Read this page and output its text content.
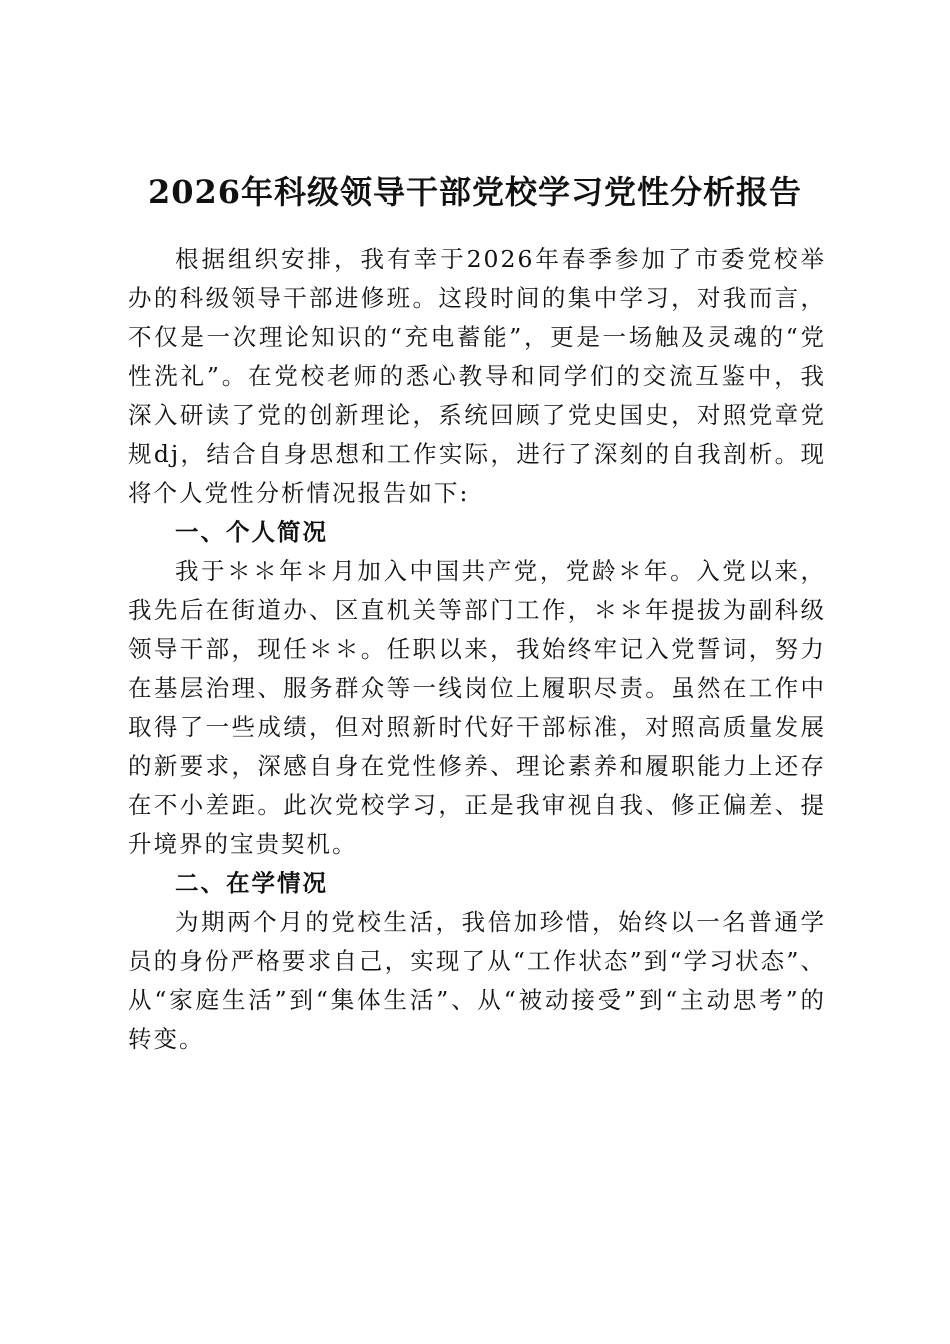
2026年科级领导干部党校学习党性分析报告

根据组织安排，我有幸于2026年春季参加了市委党校举办的科级领导干部进修班。这段时间的集中学习，对我而言，不仅是一次理论知识的“充电蓄能”，更是一场触及灵魂的“党性洗礼”。在党校老师的悉心教导和同学们的交流互鉴中，我深入研读了党的创新理论，系统回顾了党史国史，对照党章党规dj，结合自身思想和工作实际，进行了深刻的自我剖析。现将个人党性分析情况报告如下:

一、个人简况

我于＊＊年＊月加入中国共产党，党龄＊年。入党以来，我先后在街道办、区直机关等部门工作，＊＊年提拔为副科级领导干部，现任＊＊。任职以来，我始终牢记入党誓词，努力在基层治理、服务群众等一线岗位上履职尽责。虽然在工作中取得了一些成绩，但对照新时代好干部标准，对照高质量发展的新要求，深感自身在党性修养、理论素养和履职能力上还存在不小差距。此次党校学习，正是我审视自我、修正偏差、提升境界的宝贵契机。

二、在学情况

为期两个月的党校生活，我倍加珍惜，始终以一名普通学员的身份严格要求自己，实现了从“工作状态”到“学习状态”、从“家庭生活”到“集体生活”、从“被动接受”到“主动思考”的转变。
